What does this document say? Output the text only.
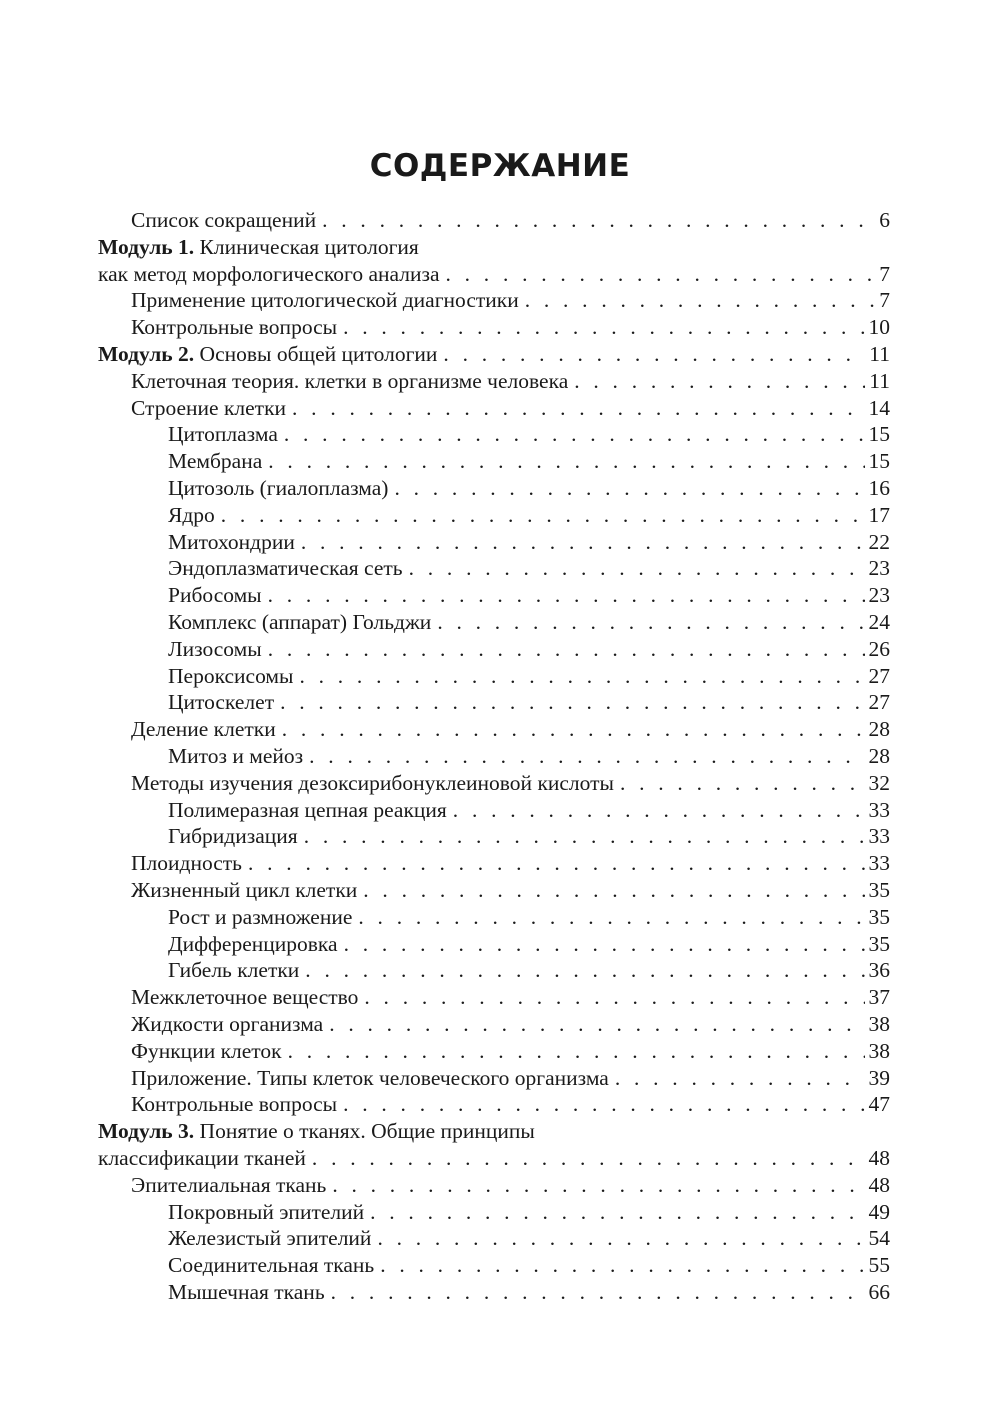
СОДЕРЖАНИЕ
Список сокращений . . .	6
Модуль 1. Клиническая цитология
как метод морфологического анализа . . .	7
Применение цитологической диагностики . . .	7
Контрольные вопросы . . .	10
Модуль 2. Основы общей цитологии . . .	11
Клеточная теория. клетки в организме человека . . .	11
Строение клетки . . .	14
Цитоплазма . . .	15
Мембрана . . .	15
Цитозоль (гиалоплазма) . . .	16
Ядро . . .	17
Митохондрии . . .	22
Эндоплазматическая сеть . . .	23
Рибосомы . . .	23
Комплекс (аппарат) Гольджи . . .	24
Лизосомы . . .	26
Пероксисомы . . .	27
Цитоскелет . . .	27
Деление клетки . . .	28
Митоз и мейоз . . .	28
Методы изучения дезоксирибонуклеиновой кислоты . . .	32
Полимеразная цепная реакция . . .	33
Гибридизация . . .	33
Плоидность . . .	33
Жизненный цикл клетки . . .	35
Рост и размножение . . .	35
Дифференцировка . . .	35
Гибель клетки . . .	36
Межклеточное вещество . . .	37
Жидкости организма . . .	38
Функции клеток . . .	38
Приложение. Типы клеток человеческого организма . . .	39
Контрольные вопросы . . .	47
Модуль 3. Понятие о тканях. Общие принципы
классификации тканей . . .	48
Эпителиальная ткань . . .	48
Покровный эпителий . . .	49
Железистый эпителий . . .	54
Соединительная ткань . . .	55
Мышечная ткань . . .	66
